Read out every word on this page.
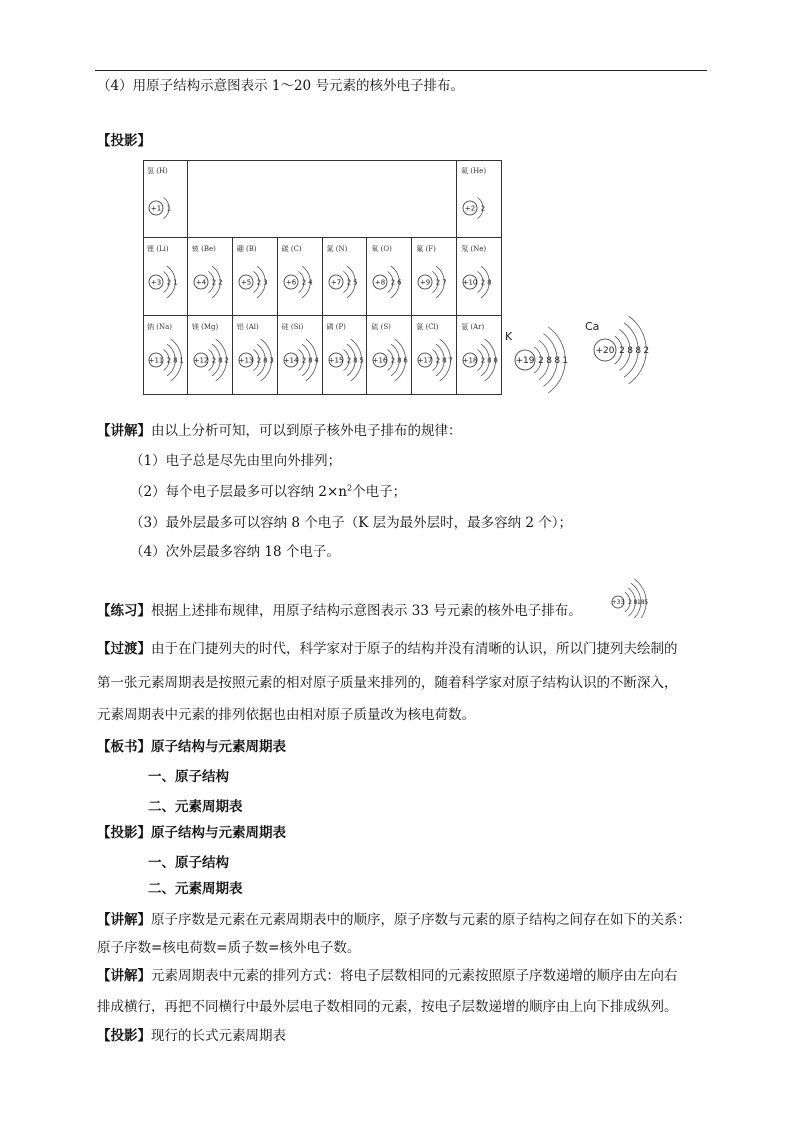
（4）用原子结构示意图表示 1～20 号元素的核外电子排布。
【投影】
氢 (H)
+1 1
氦 (He)
+2 2
锂 (Li)
+3 2 1
铍 (Be)
+4 2 2
硼 (B)
+5 2 3
碳 (C)
+6 2 4
氮 (N)
+7 2 5
氧 (O)
+8 2 6
氟 (F)
+9 2 7
氖 (Ne)
+10 2 8
钠 (Na)
+11 2 8 1
镁 (Mg)
+12 2 8 2
铝 (Al)
+13 2 8 3
硅 (Si)
+14 2 8 4
磷 (P)
+15 2 8 5
硫 (S)
+16 2 8 6
氯 (Cl)
+17 2 8 7
氩 (Ar)
+18 2 8 8
K
+19 2 8 8 1
Ca
+20 2 8 8 2
【讲解】由以上分析可知，可以到原子核外电子排布的规律：
（1）电子总是尽先由里向外排列；
（2）每个电子层最多可以容纳 $2\times n^2$个电子；
（3）最外层最多可以容纳 8 个电子（K 层为最外层时，最多容纳 2 个）；
（4）次外层最多容纳 18 个电子。
【练习】根据上述排布规律，用原子结构示意图表示 33 号元素的核外电子排布。
+33 2 8 18 5
【过渡】由于在门捷列夫的时代，科学家对于原子的结构并没有清晰的认识，所以门捷列夫绘制的
第一张元素周期表是按照元素的相对原子质量来排列的，随着科学家对原子结构认识的不断深入，
元素周期表中元素的排列依据也由相对原子质量改为核电荷数。
【板书】原子结构与元素周期表
一、原子结构
二、元素周期表
【投影】原子结构与元素周期表
一、原子结构
二、元素周期表
【讲解】原子序数是元素在元素周期表中的顺序，原子序数与元素的原子结构之间存在如下的关系：
原子序数=核电荷数=质子数=核外电子数。
【讲解】元素周期表中元素的排列方式：将电子层数相同的元素按照原子序数递增的顺序由左向右
排成横行，再把不同横行中最外层电子数相同的元素，按电子层数递增的顺序由上向下排成纵列。
【投影】现行的长式元素周期表
